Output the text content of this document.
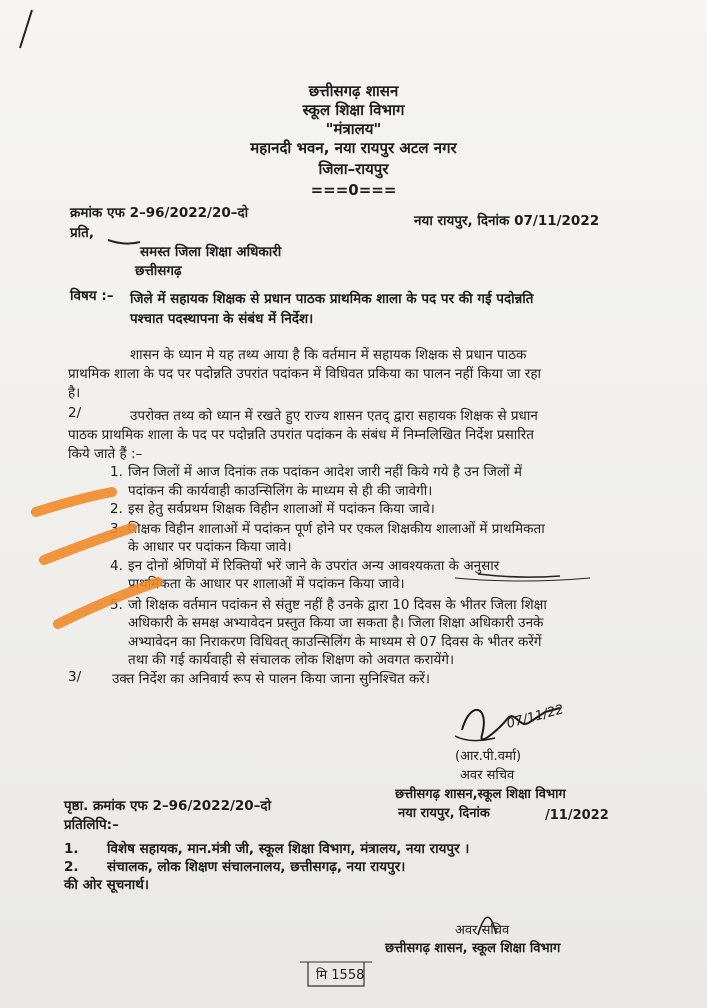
छत्तीसगढ़ शासन
स्कूल शिक्षा विभाग
"मंत्रालय"
महानदी भवन, नया रायपुर अटल नगर
जिला–रायपुर
===0===
क्रमांक एफ 2–96/2022/20–दो	नया रायपुर, दिनांक 07/11/2022
प्रति,
समस्त जिला शिक्षा अधिकारी
छत्तीसगढ़
विषय :– जिले में सहायक शिक्षक से प्रधान पाठक प्राथमिक शाला के पद पर की गई पदोन्नति
पश्चात पदस्थापना के संबंध में निर्देश।
शासन के ध्यान मे यह तथ्य आया है कि वर्तमान में सहायक शिक्षक से प्रधान पाठक
प्राथमिक शाला के पद पर पदोन्नति उपरांत पदांकन में विधिवत प्रकिया का पालन नहीं किया जा रहा
है।
2/	उपरोक्त तथ्य को ध्यान में रखते हुए राज्य शासन एतद् द्वारा सहायक शिक्षक से प्रधान
पाठक प्राथमिक शाला के पद पर पदोन्नति उपरांत पदांकन के संबंध में निम्नलिखित निर्देश प्रसारित
किये जाते हैं :–
1. जिन जिलों में आज दिनांक तक पदांकन आदेश जारी नहीं किये गये है उन जिलों में
पदांकन की कार्यवाही काउन्सिलिंग के माध्यम से ही की जावेगी।
2. इस हेतु सर्वप्रथम शिक्षक विहीन शालाओं में पदांकन किया जावे।
3. शिक्षक विहीन शालाओं में पदांकन पूर्ण होने पर एकल शिक्षकीय शालाओं में प्राथमिकता
के आधार पर पदांकन किया जावे।
4. इन दोनों श्रेणियों में रिक्तियों भरें जाने के उपरांत अन्य आवश्यकता के अनुसार
प्राथमिकता के आधार पर शालाओं में पदांकन किया जावे।
5. जो शिक्षक वर्तमान पदांकन से संतुष्ट नहीं है उनके द्वारा 10 दिवस के भीतर जिला शिक्षा
अधिकारी के समक्ष अभ्यावेदन प्रस्तुत किया जा सकता है। जिला शिक्षा अधिकारी उनके
अभ्यावेदन का निराकरण विधिवत् काउन्सिलिंग के माध्यम से 07 दिवस के भीतर करेंगें
तथा की गई कार्यवाही से संचालक लोक शिक्षण को अवगत करायेंगे।
3/ उक्त निर्देश का अनिवार्य रूप से पालन किया जाना सुनिश्चित करें।
(आर.पी.वर्मा)
अवर सचिव
छत्तीसगढ़ शासन,स्कूल शिक्षा विभाग
नया रायपुर, दिनांक	/11/2022
पृष्ठा. क्रमांक एफ 2–96/2022/20–दो
प्रतिलिपि:–
1. विशेष सहायक, मान.मंत्री जी, स्कूल शिक्षा विभाग, मंत्रालय, नया रायपुर ।
2. संचालक, लोक शिक्षण संचालनालय, छत्तीसगढ़, नया रायपुर।
की ओर सूचनार्थ।
अवर सचिव
छत्तीसगढ़ शासन, स्कूल शिक्षा विभाग
मि 1558
07/11/22
